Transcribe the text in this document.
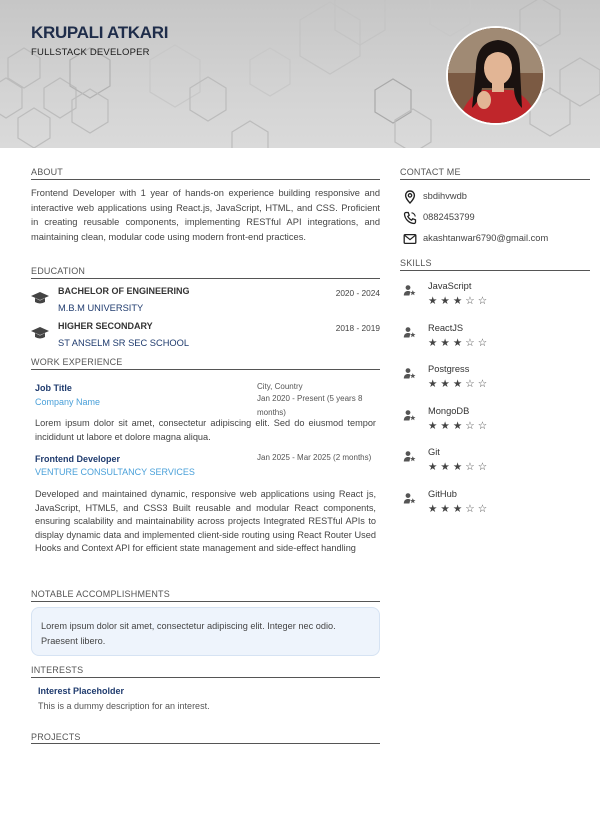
KRUPALI ATKARI
FULLSTACK DEVELOPER
ABOUT
Frontend Developer with 1 year of hands-on experience building responsive and interactive web applications using React.js, JavaScript, HTML, and CSS. Proficient in creating reusable components, implementing RESTful API integrations, and maintaining clean, modular code using modern front-end practices.
EDUCATION
BACHELOR OF ENGINEERING
M.B.M UNIVERSITY
2020 - 2024
HIGHER SECONDARY
ST ANSELM SR SEC SCHOOL
2018 - 2019
WORK EXPERIENCE
Job Title
Company Name
City, Country
Jan 2020 - Present (5 years 8 months)
Lorem ipsum dolor sit amet, consectetur adipiscing elit. Sed do eiusmod tempor incididunt ut labore et dolore magna aliqua.
Frontend Developer
VENTURE CONSULTANCY SERVICES
Jan 2025 - Mar 2025 (2 months)
Developed and maintained dynamic, responsive web applications using React js, JavaScript, HTML5, and CSS3 Built reusable and modular React components, ensuring scalability and maintainability across projects Integrated RESTful APIs to display dynamic data and implemented client-side routing using React Router Used Hooks and Context API for efficient state management and side-effect handling
NOTABLE ACCOMPLISHMENTS
Lorem ipsum dolor sit amet, consectetur adipiscing elit. Integer nec odio. Praesent libero.
INTERESTS
Interest Placeholder
This is a dummy description for an interest.
PROJECTS
CONTACT ME
sbdihvwdb
0882453799
akashtanwar6790@gmail.com
SKILLS
JavaScript
★★★☆☆
ReactJS
★★★☆☆
Postgress
★★★☆☆
MongoDB
★★★☆☆
Git
★★★☆☆
GitHub
★★★☆☆
